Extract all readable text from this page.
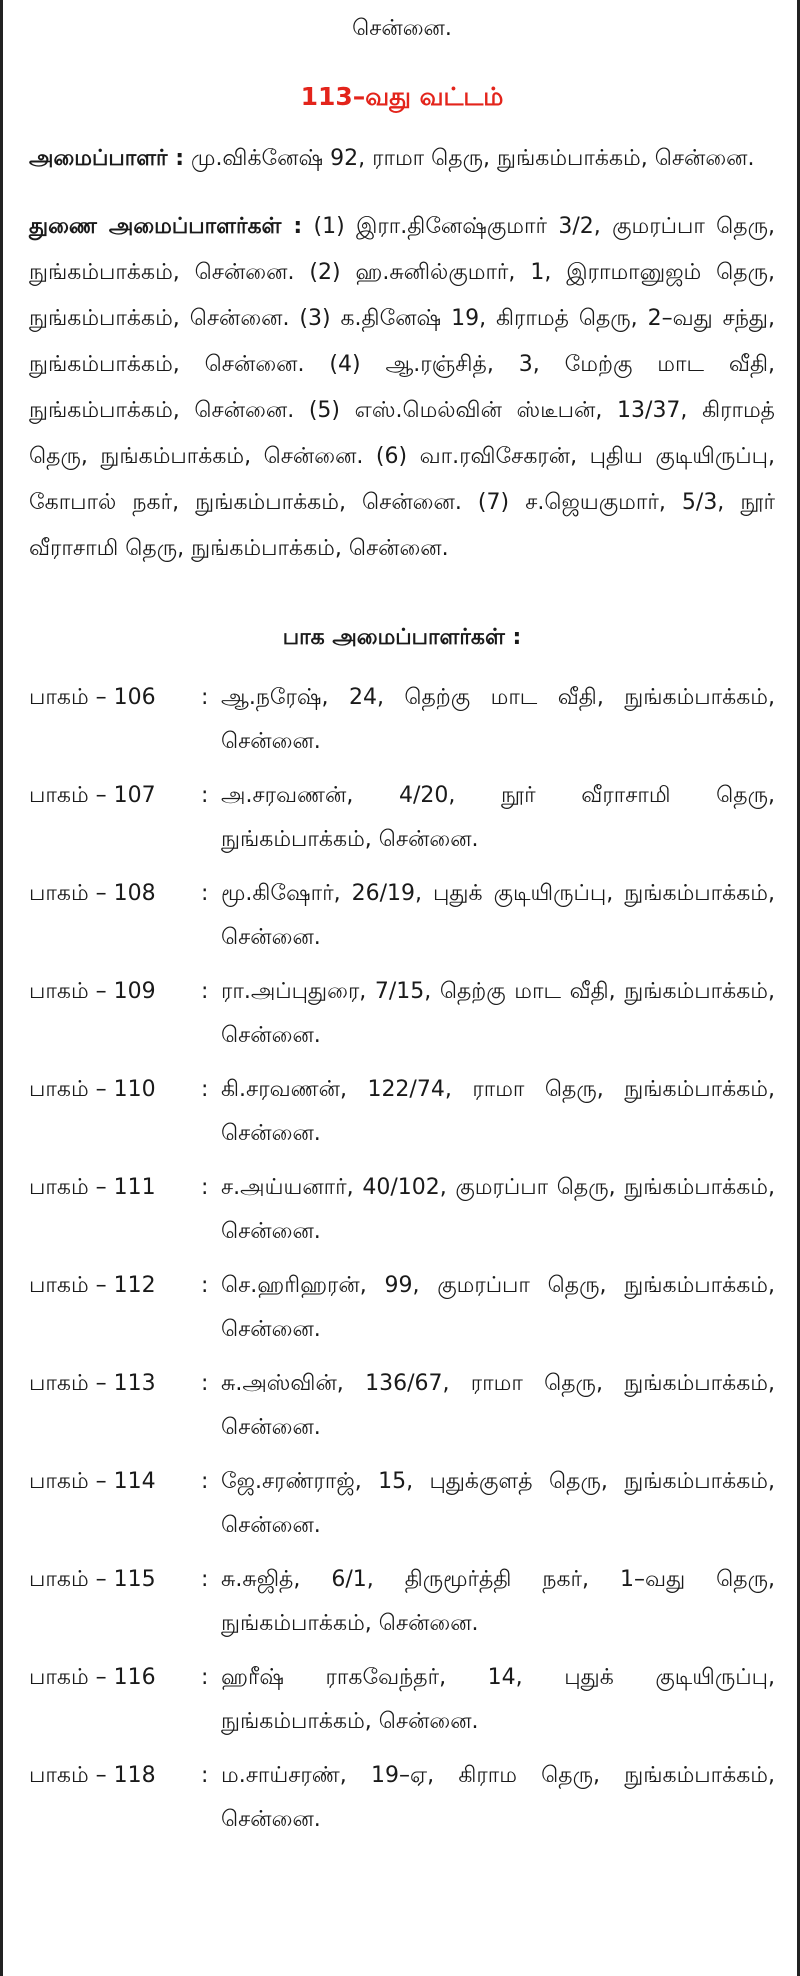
சென்னை.
113–வது வட்டம்

அமைப்பாளர் : மு.விக்னேஷ் 92, ராமா தெரு, நுங்கம்பாக்கம், சென்னை.

துணை அமைப்பாளர்கள் : (1) இரா.தினேஷ்குமார் 3/2, குமரப்பா தெரு, நுங்கம்பாக்கம், சென்னை. (2) ஹ.சுனில்குமார், 1, இராமானுஜம் தெரு, நுங்கம்பாக்கம், சென்னை. (3) க.தினேஷ் 19, கிராமத் தெரு, 2–வது சந்து, நுங்கம்பாக்கம், சென்னை. (4) ஆ.ரஞ்சித், 3, மேற்கு மாட வீதி, நுங்கம்பாக்கம், சென்னை. (5) எஸ்.மெல்வின் ஸ்டீபன், 13/37, கிராமத் தெரு, நுங்கம்பாக்கம், சென்னை. (6) வா.ரவிசேகரன், புதிய குடியிருப்பு, கோபால் நகர், நுங்கம்பாக்கம், சென்னை. (7) ச.ஜெயகுமார், 5/3, நூர் வீராசாமி தெரு, நுங்கம்பாக்கம், சென்னை.

பாக அமைப்பாளர்கள் :
பாகம் – 106	: ஆ.நரேஷ், 24, தெற்கு மாட வீதி, நுங்கம்பாக்கம், சென்னை.
பாகம் – 107	: அ.சரவணன், 4/20, நூர் வீராசாமி தெரு, நுங்கம்பாக்கம், சென்னை.
பாகம் – 108	: மூ.கிஷோர், 26/19, புதுக் குடியிருப்பு, நுங்கம்பாக்கம், சென்னை.
பாகம் – 109	: ரா.அப்புதுரை, 7/15, தெற்கு மாட வீதி, நுங்கம்பாக்கம், சென்னை.
பாகம் – 110	: கி.சரவணன், 122/74, ராமா தெரு, நுங்கம்பாக்கம், சென்னை.
பாகம் – 111	: ச.அய்யனார், 40/102, குமரப்பா தெரு, நுங்கம்பாக்கம், சென்னை.
பாகம் – 112	: செ.ஹரிஹரன், 99, குமரப்பா தெரு, நுங்கம்பாக்கம், சென்னை.
பாகம் – 113	: சு.அஸ்வின், 136/67, ராமா தெரு, நுங்கம்பாக்கம், சென்னை.
பாகம் – 114	: ஜே.சரண்ராஜ், 15, புதுக்குளத் தெரு, நுங்கம்பாக்கம், சென்னை.
பாகம் – 115	: சு.சுஜித், 6/1, திருமூர்த்தி நகர், 1–வது தெரு, நுங்கம்பாக்கம், சென்னை.
பாகம் – 116	: ஹரீஷ் ராகவேந்தர், 14, புதுக் குடியிருப்பு, நுங்கம்பாக்கம், சென்னை.
பாகம் – 118	: ம.சாய்சரண், 19–ஏ, கிராம தெரு, நுங்கம்பாக்கம், சென்னை.
